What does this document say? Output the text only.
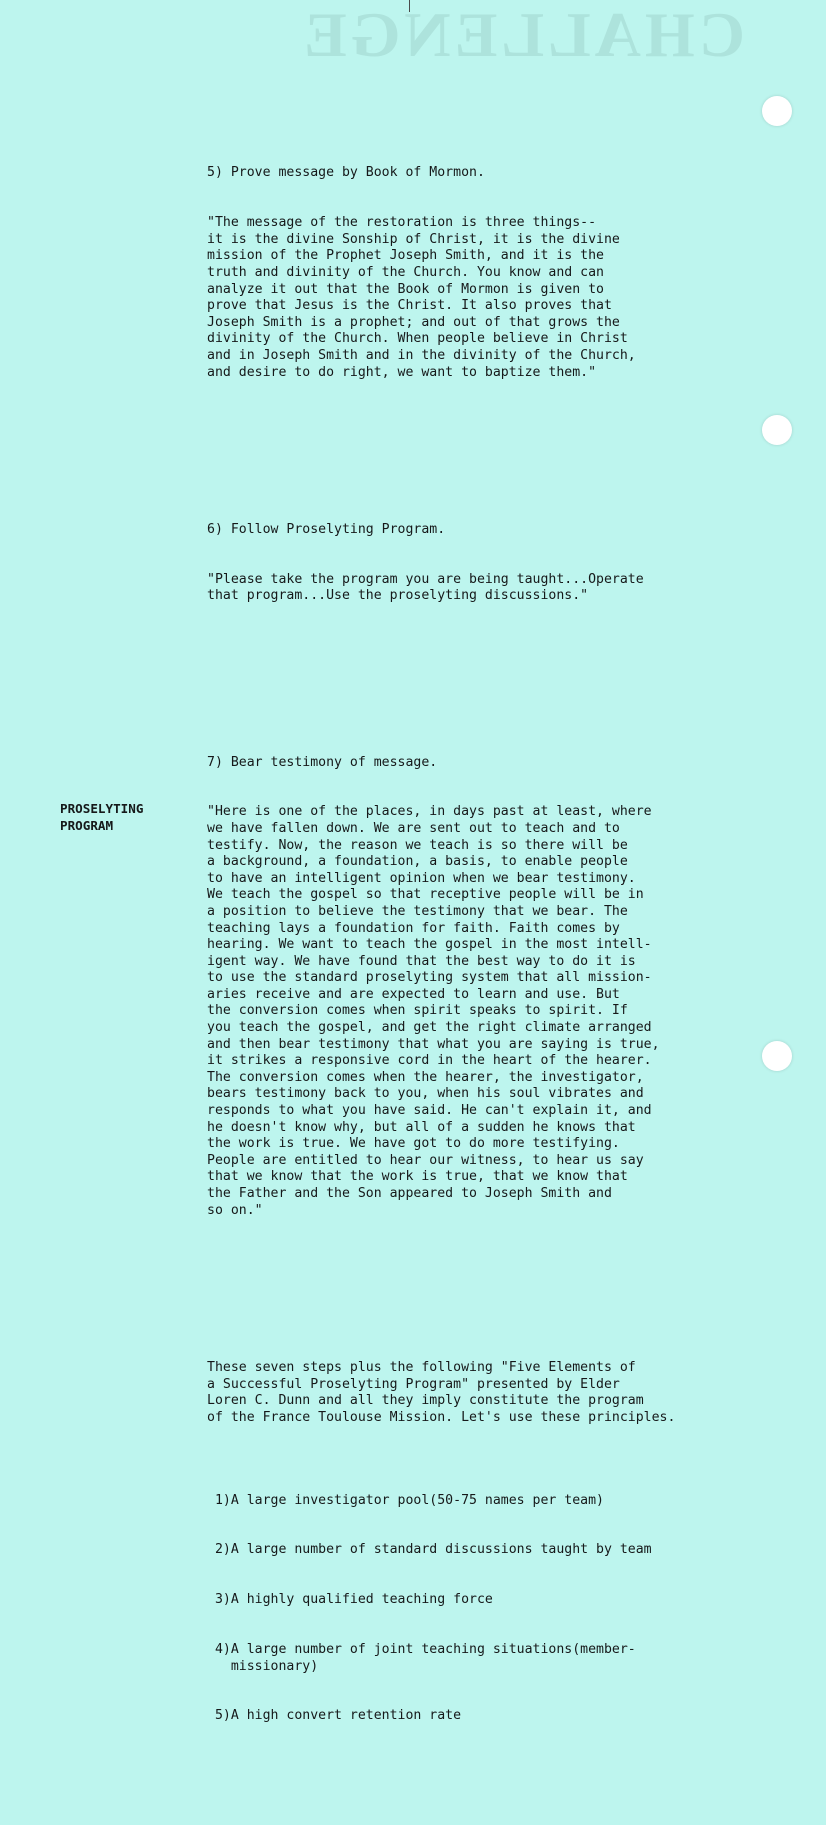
CHALLENGE
PROSELYTING
PROGRAM

5) Prove message by Book of Mormon.

"The message of the restoration is three things--
it is the divine Sonship of Christ, it is the divine
mission of the Prophet Joseph Smith, and it is the
truth and divinity of the Church. You know and can
analyze it out that the Book of Mormon is given to
prove that Jesus is the Christ. It also proves that
Joseph Smith is a prophet; and out of that grows the
divinity of the Church. When people believe in Christ
and in Joseph Smith and in the divinity of the Church,
and desire to do right, we want to baptize them."

6) Follow Proselyting Program.

"Please take the program you are being taught...Operate
that program...Use the proselyting discussions."

7) Bear testimony of message.

"Here is one of the places, in days past at least, where
we have fallen down. We are sent out to teach and to
testify. Now, the reason we teach is so there will be
a background, a foundation, a basis, to enable people
to have an intelligent opinion when we bear testimony.
We teach the gospel so that receptive people will be in
a position to believe the testimony that we bear. The
teaching lays a foundation for faith. Faith comes by
hearing. We want to teach the gospel in the most intell-
igent way. We have found that the best way to do it is
to use the standard proselyting system that all mission-
aries receive and are expected to learn and use. But
the conversion comes when spirit speaks to spirit. If
you teach the gospel, and get the right climate arranged
and then bear testimony that what you are saying is true,
it strikes a responsive cord in the heart of the hearer.
The conversion comes when the hearer, the investigator,
bears testimony back to you, when his soul vibrates and
responds to what you have said. He can't explain it, and
he doesn't know why, but all of a sudden he knows that
the work is true. We have got to do more testifying.
People are entitled to hear our witness, to hear us say
that we know that the work is true, that we know that
the Father and the Son appeared to Joseph Smith and
so on."

These seven steps plus the following "Five Elements of
a Successful Proselyting Program" presented by Elder
Loren C. Dunn and all they imply constitute the program
of the France Toulouse Mission. Let's use these principles.

1)A large investigator pool(50-75 names per team)

2)A large number of standard discussions taught by team

3)A highly qualified teaching force

4)A large number of joint teaching situations(member-
missionary)

5)A high convert retention rate
